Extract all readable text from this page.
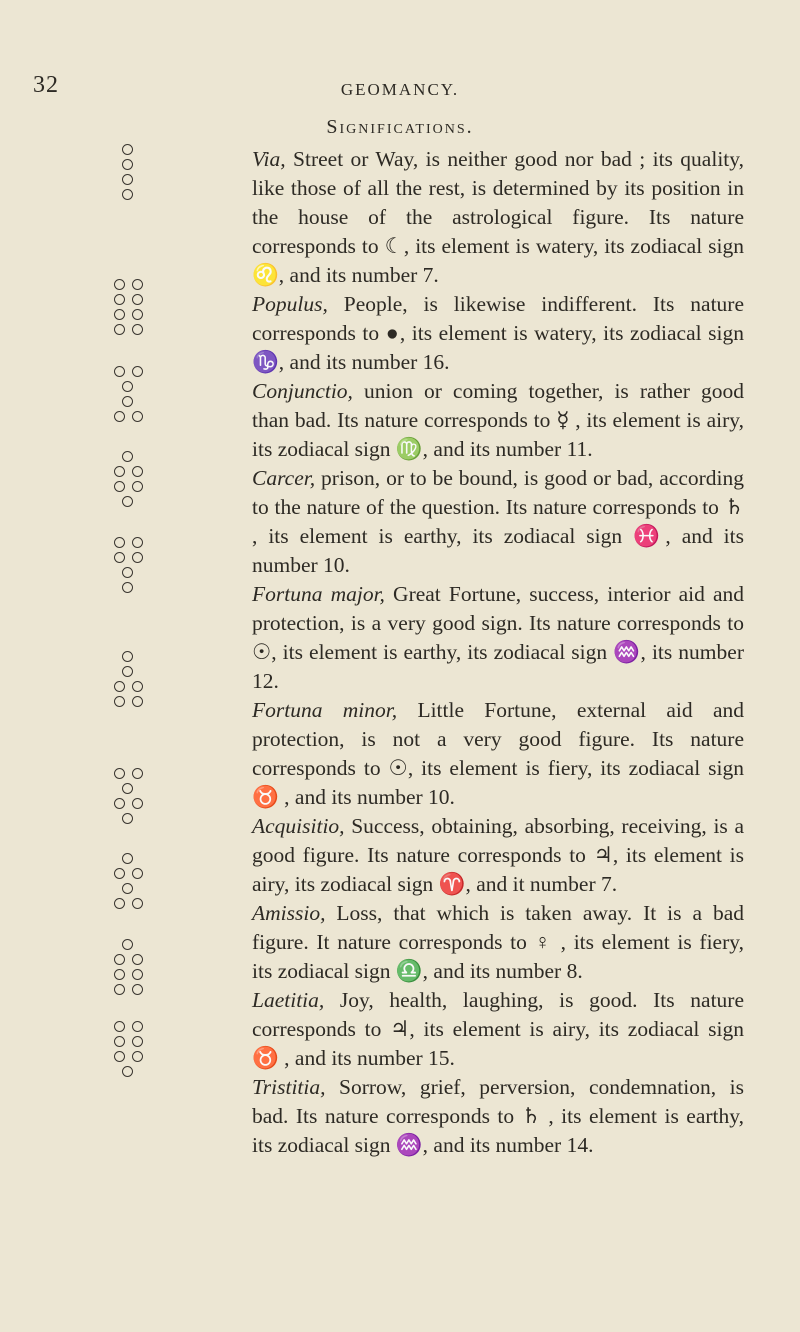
32	GEOMANCY.
Significations.

Via, Street or Way, is neither good nor bad ; its quality, like those of all the rest, is determined by its position in the house of the astrological figure. Its nature corresponds to ☾, its element is watery, its zodiacal sign ♌, and its number 7.

Populus, People, is likewise indifferent. Its nature corresponds to ●, its element is watery, its zodiacal sign ♑, and its number 16.

Conjunctio, union or coming together, is rather good than bad. Its nature corresponds to ☿ , its element is airy, its zodiacal sign ♍, and its number 11.

Carcer, prison, or to be bound, is good or bad, according to the nature of the question. Its nature corresponds to ♄ , its element is earthy, its zodiacal sign ♓, and its number 10.

Fortuna major, Great Fortune, success, interior aid and protection, is a very good sign. Its nature corresponds to ☉, its element is earthy, its zodiacal sign ♒, its number 12.

Fortuna minor, Little Fortune, external aid and protection, is not a very good figure. Its nature corresponds to ☉, its element is fiery, its zodiacal sign ♉ , and its number 10.

Acquisitio, Success, obtaining, absorbing, receiving, is a good figure. Its nature corresponds to ♃, its element is airy, its zodiacal sign ♈, and it number 7.

Amissio, Loss, that which is taken away. It is a bad figure. It nature corresponds to ♀ , its element is fiery, its zodiacal sign ♎, and its number 8.

Laetitia, Joy, health, laughing, is good. Its nature corresponds to ♃, its element is airy, its zodiacal sign ♉ , and its number 15.

Tristitia, Sorrow, grief, perversion, condemnation, is bad. Its nature corresponds to ♄ , its element is earthy, its zodiacal sign ♒, and its number 14.
